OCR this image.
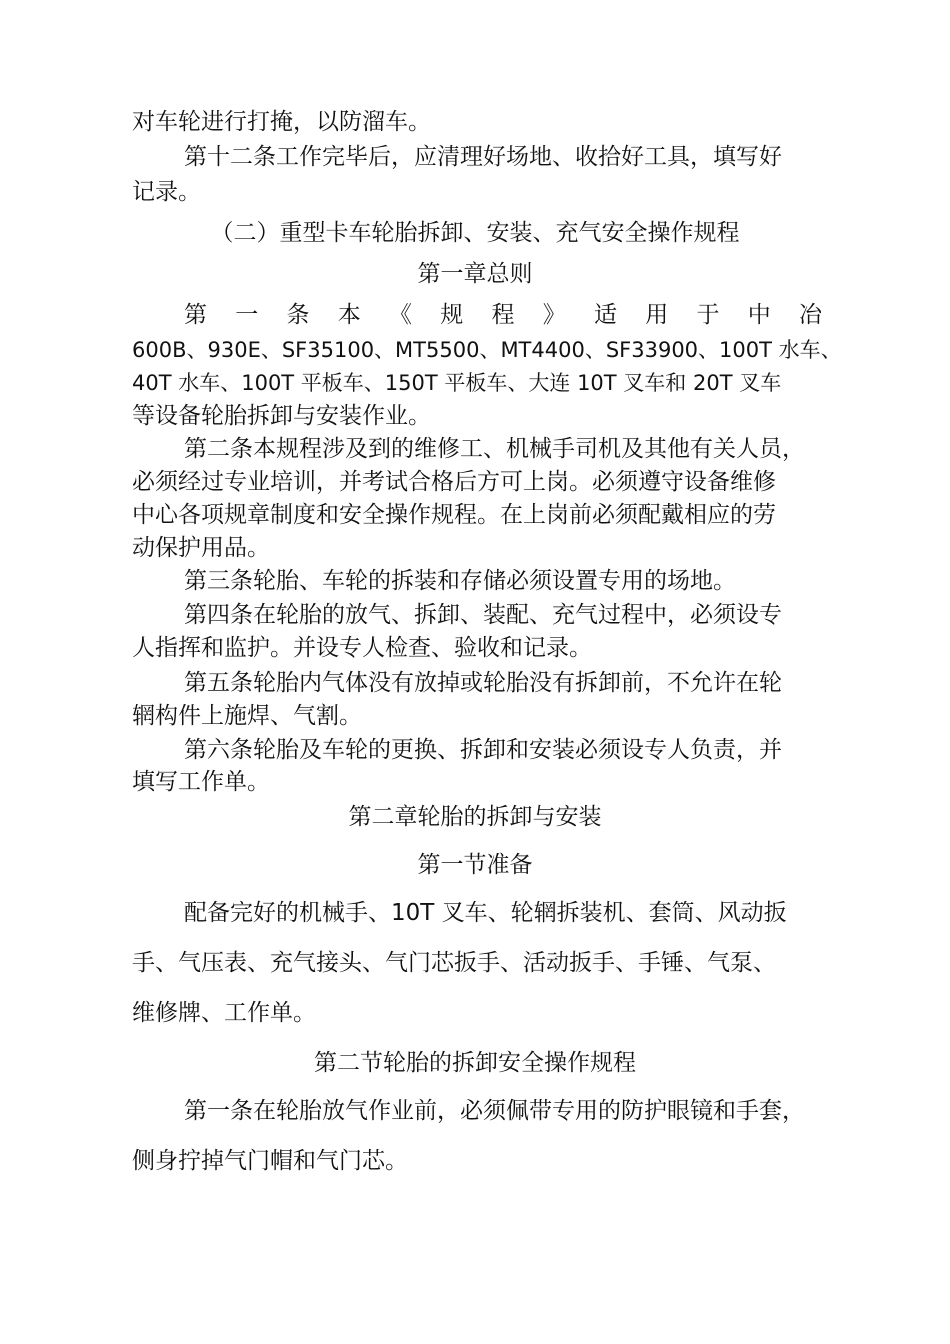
对车轮进行打掩，以防溜车。

第十二条工作完毕后，应清理好场地、收拾好工具，填写好

记录。

（二）重型卡车轮胎拆卸、安装、充气安全操作规程

第一章总则

第 一 条 本 《 规 程 》 适 用 于 中 冶

600B、930E、SF35100、MT5500、MT4400、SF33900、100T 水车、

40T 水车、100T 平板车、150T 平板车、大连 10T 叉车和 20T 叉车

等设备轮胎拆卸与安装作业。

第二条本规程涉及到的维修工、机械手司机及其他有关人员，

必须经过专业培训，并考试合格后方可上岗。必须遵守设备维修

中心各项规章制度和安全操作规程。在上岗前必须配戴相应的劳

动保护用品。

第三条轮胎、车轮的拆装和存储必须设置专用的场地。

第四条在轮胎的放气、拆卸、装配、充气过程中，必须设专

人指挥和监护。并设专人检查、验收和记录。

第五条轮胎内气体没有放掉或轮胎没有拆卸前，不允许在轮

辋构件上施焊、气割。

第六条轮胎及车轮的更换、拆卸和安装必须设专人负责，并

填写工作单。

第二章轮胎的拆卸与安装

第一节准备

配备完好的机械手、10T 叉车、轮辋拆装机、套筒、风动扳

手、气压表、充气接头、气门芯扳手、活动扳手、手锤、气泵、

维修牌、工作单。

第二节轮胎的拆卸安全操作规程

第一条在轮胎放气作业前，必须佩带专用的防护眼镜和手套，

侧身拧掉气门帽和气门芯。
